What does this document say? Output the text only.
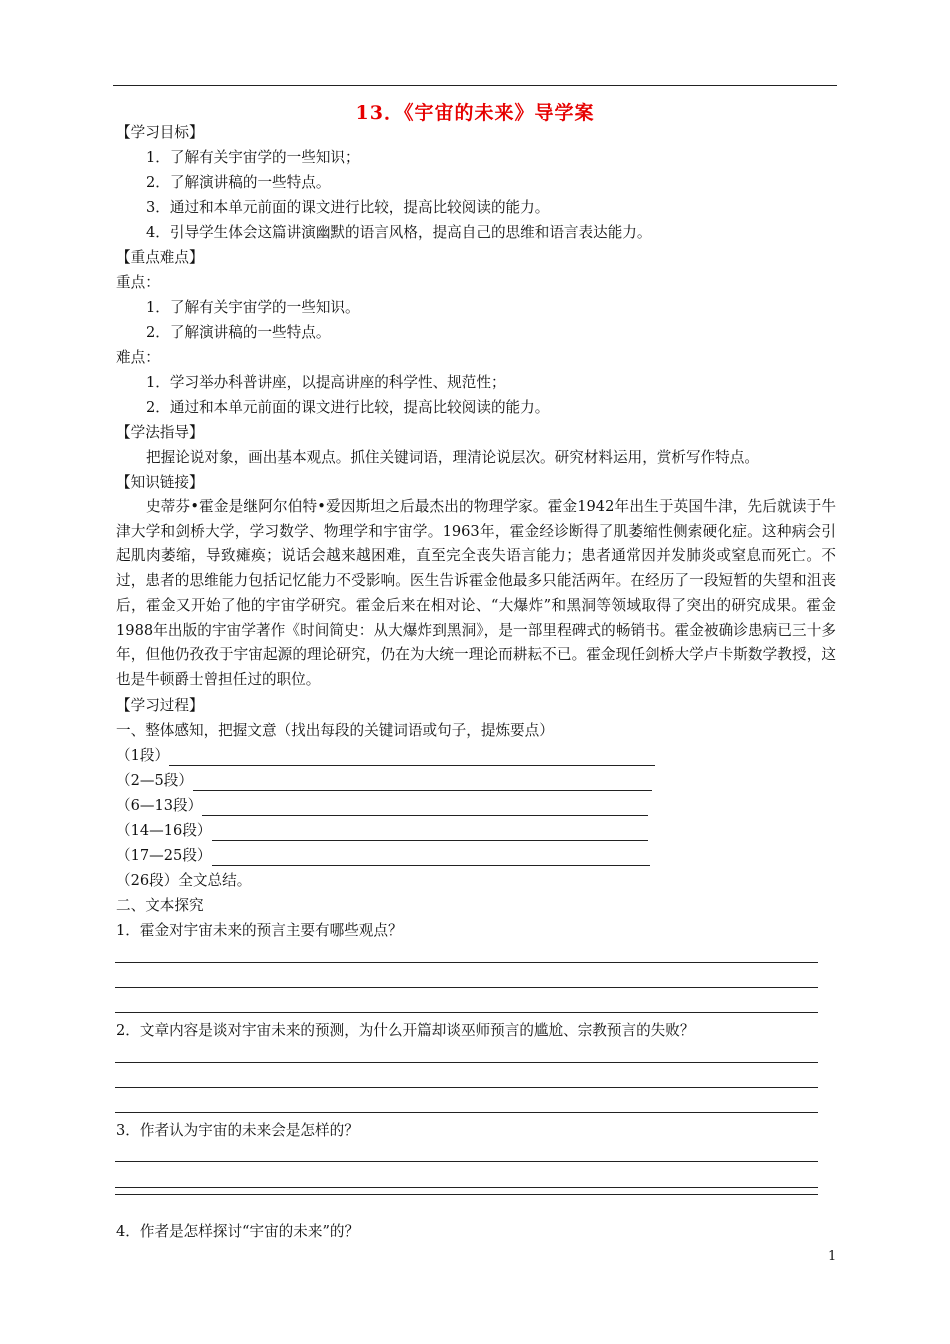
13．《宇宙的未来》导学案
【学习目标】
1．了解有关宇宙学的一些知识；
2．了解演讲稿的一些特点。
3．通过和本单元前面的课文进行比较，提高比较阅读的能力。
4．引导学生体会这篇讲演幽默的语言风格，提高自己的思维和语言表达能力。
【重点难点】
重点：
1．了解有关宇宙学的一些知识。
2．了解演讲稿的一些特点。
难点：
1．学习举办科普讲座，以提高讲座的科学性、规范性；
2．通过和本单元前面的课文进行比较，提高比较阅读的能力。
【学法指导】
把握论说对象，画出基本观点。抓住关键词语，理清论说层次。研究材料运用，赏析写作特点。
【知识链接】
史蒂芬•霍金是继阿尔伯特•爱因斯坦之后最杰出的物理学家。霍金1942年出生于英国牛津，先后就读于牛津大学和剑桥大学，学习数学、物理学和宇宙学。1963年，霍金经诊断得了肌萎缩性侧索硬化症。这种病会引起肌肉萎缩，导致瘫痪；说话会越来越困难，直至完全丧失语言能力；患者通常因并发肺炎或窒息而死亡。不过，患者的思维能力包括记忆能力不受影响。医生告诉霍金他最多只能活两年。在经历了一段短暂的失望和沮丧后，霍金又开始了他的宇宙学研究。霍金后来在相对论、“大爆炸”和黑洞等领域取得了突出的研究成果。霍金1988年出版的宇宙学著作《时间简史：从大爆炸到黑洞》，是一部里程碑式的畅销书。霍金被确诊患病已三十多年，但他仍孜孜于宇宙起源的理论研究，仍在为大统一理论而耕耘不已。霍金现任剑桥大学卢卡斯数学教授，这也是牛顿爵士曾担任过的职位。
【学习过程】
一、整体感知，把握文意（找出每段的关键词语或句子，提炼要点）
（1段）
（2—5段）
（6—13段）
（14—16段）
（17—25段）
（26段）全文总结。
二、文本探究
1．霍金对宇宙未来的预言主要有哪些观点？
2．文章内容是谈对宇宙未来的预测，为什么开篇却谈巫师预言的尴尬、宗教预言的失败？
3．作者认为宇宙的未来会是怎样的？
4．作者是怎样探讨“宇宙的未来”的？
1
